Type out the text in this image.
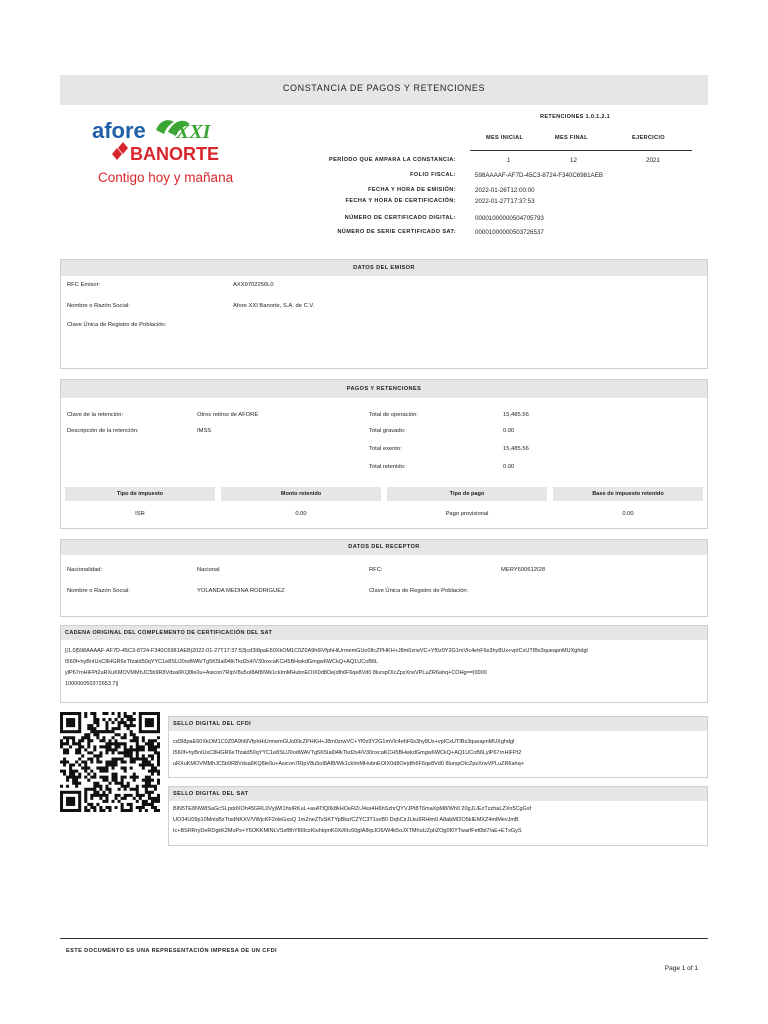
CONSTANCIA DE PAGOS Y RETENCIONES
afore XXI
BANORTE
Contigo hoy y mañana
RETENCIONES 1.0.1.2.1
MES INICIAL	MES FINAL	EJERCICIO
PERÍODO QUE AMPARA LA CONSTANCIA:	1	12	2021
FOLIO FISCAL:	598AAAAF-AF7D-45C3-8724-F340C6981AEB
FECHA Y HORA DE EMISIÓN:	2022-01-26T12:00:00
FECHA Y HORA DE CERTIFICACIÓN:	2022-01-27T17:37:53
NÚMERO DE CERTIFICADO DIGITAL:	00001000000504705793
NÚMERO DE SERIE CERTIFICADO SAT:	00001000000503726537
DATOS DEL EMISOR
RFC Emisor:	AXX9702256L0
Nombre o Razón Social:	Afore XXI Banorte, S.A. de C.V.
Clave Única de Registro de Población:
PAGOS Y RETENCIONES
Clave de la retención:	Otros retiros de AFORE
Descripción de la retención:	IMSS
Total de operación:	15,485.56
Total gravado:	0.00
Total exento:	15,485.56
Total retenido:	0.00
Tipo de impuesto	Monto retenido	Tipo de pago	Base de impuesto retenido
ISR	0.00	Pago provisional	0.00
DATOS DEL RECEPTOR
Nacionalidad:	Nacional	RFC:	MERY600612I28
Nombre o Razón Social:	YOLANDA MEDINA RODRIGUEZ	Clave Única de Registro de Población:
CADENA ORIGINAL DEL COMPLEMENTO DE CERTIFICACIÓN DEL SAT
||1.0|598AAAAF-AF7D-45C3-8724-F340C6981AEB|2022-01-27T17:37:53|cd3I8paE60XkOM1C0Z0A9h6lVfphHiUrmemGUo0IlcZPHKH+J8m0zrwVC+Yf0z9Y2G1mVlc4ehF6s3hy8Ux+vpICxUTIBs3queapnMUXghdgl
I560f+hyBnIUxC8HGR6eTfzald50qYYC1e8SUJ0odWAVTg5K5Ial04lkTkd2s4/V30nxcaKCH5BHwkdGmgw6WCkQ+AQ1UCoB6L
ylP67rnHiFPt2uRXuKMOVMMhJC5b9R8Vdsa6KQ8le0u+Asicon7RIpV8u5oI8Af8/Wk1ckImMHubnEOIX0d8Oe|dlh6F6qe8Vd0 8lurspOIcZpzXrwVPLuZR6ahq+COHg==|0000
100000050372653 7||
SELLO DIGITAL DEL CFDI
cd3I8paE60XkOM1C0Z0A9h6lVfphHiUrmemGUo0IlcZPHKH+J8m0zrwVC+Yf0z9Y2G1mVlc4ehF6s3hy8Ux+vpICxUTIBs3queapnMUXghdgl
I560f+hyBnIUxC8HGR6eTfzald50qYYC1e8SUJ0odWAVTg5K5Ial04lkTkd2s4/V30nxcaKCH5BHwkdGmgw6WCkQ+AQ1UCoB6LylP67rnHiFPt2
uRXuKMOVMMhJC5b9R8Vdsa6KQ8le0u+Asicon7RIpV8u5oI8Af8/Wk1ckImMHubnEOIX0d8Oe|dlh6F6qe8Vd0 8lurspOIcZpzXrwVPLuZR6ahq+
SELLO DIGITAL DEL SAT
BlN5TE8NW8SaGcSLpddXOh45GRL0VyjWI1hsIRKuL+asATtQ0k8kHOeRZrJ4ss4H6hSzhrQYVJPt8T6maXpM8/Wh0 20gJL/EzTzzhaLZXn5CgGsf
UO34U09p10MnlsBzTtsdNKXV/VWjcKF2oleGxsQ 1mZneZTsSKTYpBkz/CZYC3T1sxB0 DqhCirJLku6RHim0 A8abMI2O5kIEMXZ4mlMevJmB
Ic+BSRRryDeRDgkK2MoPs+Y6OKKMINLVSxf8hY8IIIczKluhIqmK0Xi/lIIc60gIA8rpJO6/W4k5oJXTMhuUZpIiZOg0I0YTwarfFet0bl7/aE+ETxGyS
ESTE DOCUMENTO ES UNA REPRESENTACIÓN IMPRESA DE UN CFDI
Page 1 of 1
